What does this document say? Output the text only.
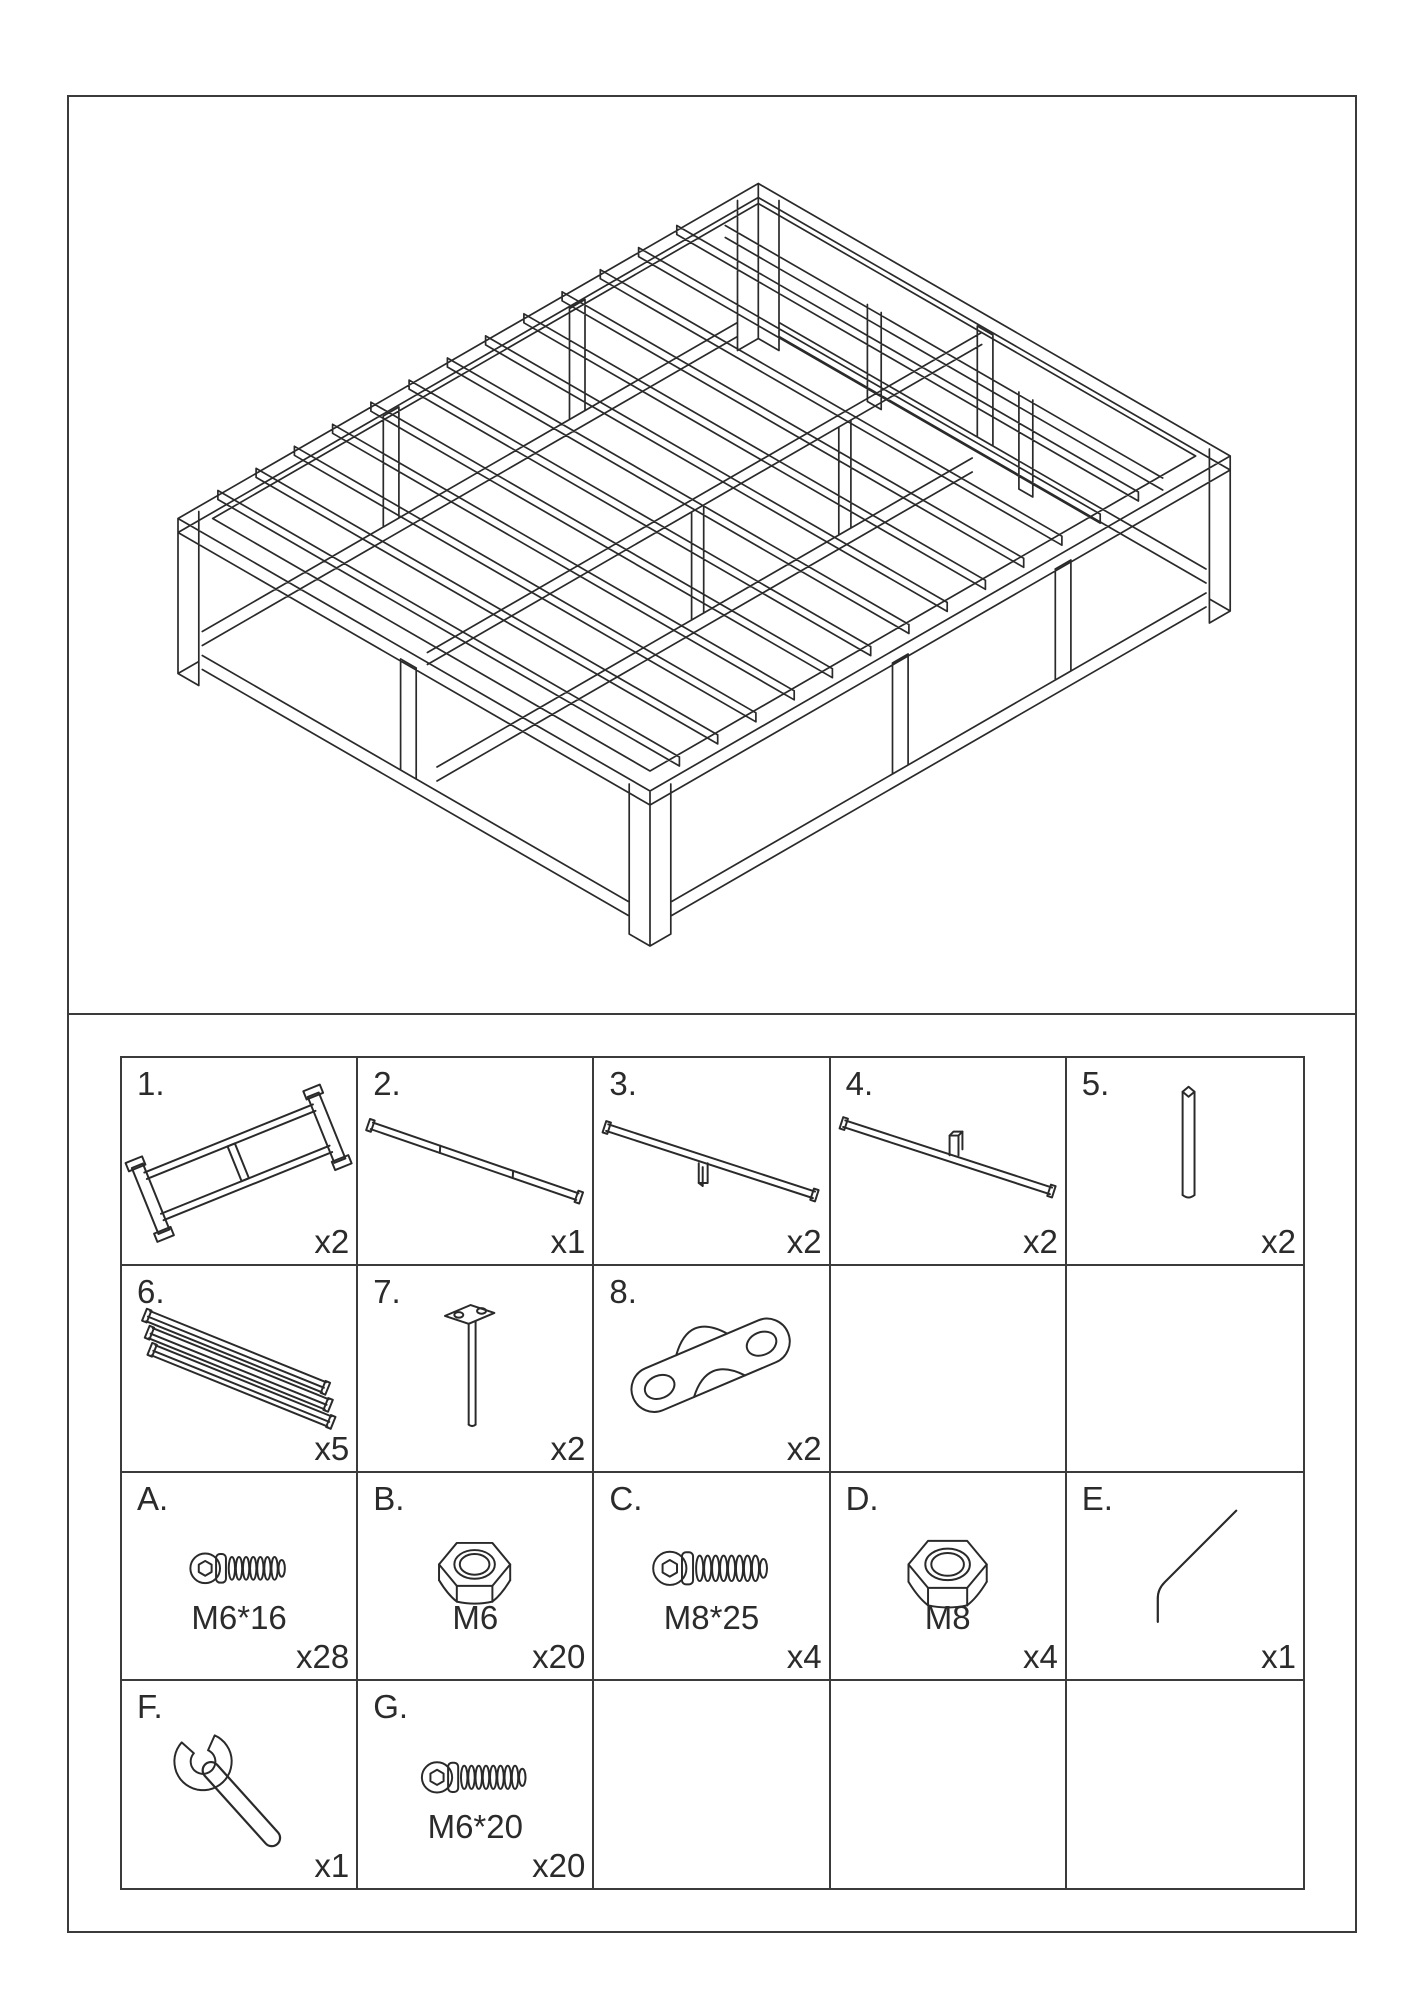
1.
x2
2.
x1
3.
x2
4.
x2
5.
x2
6.
x5
7.
x2
8.
x2
A.
M6*16
x28
B.
M6
x20
C.
M8*25
x4
D.
M8
x4
E.
x1
F.
x1
G.
M6*20
x20
